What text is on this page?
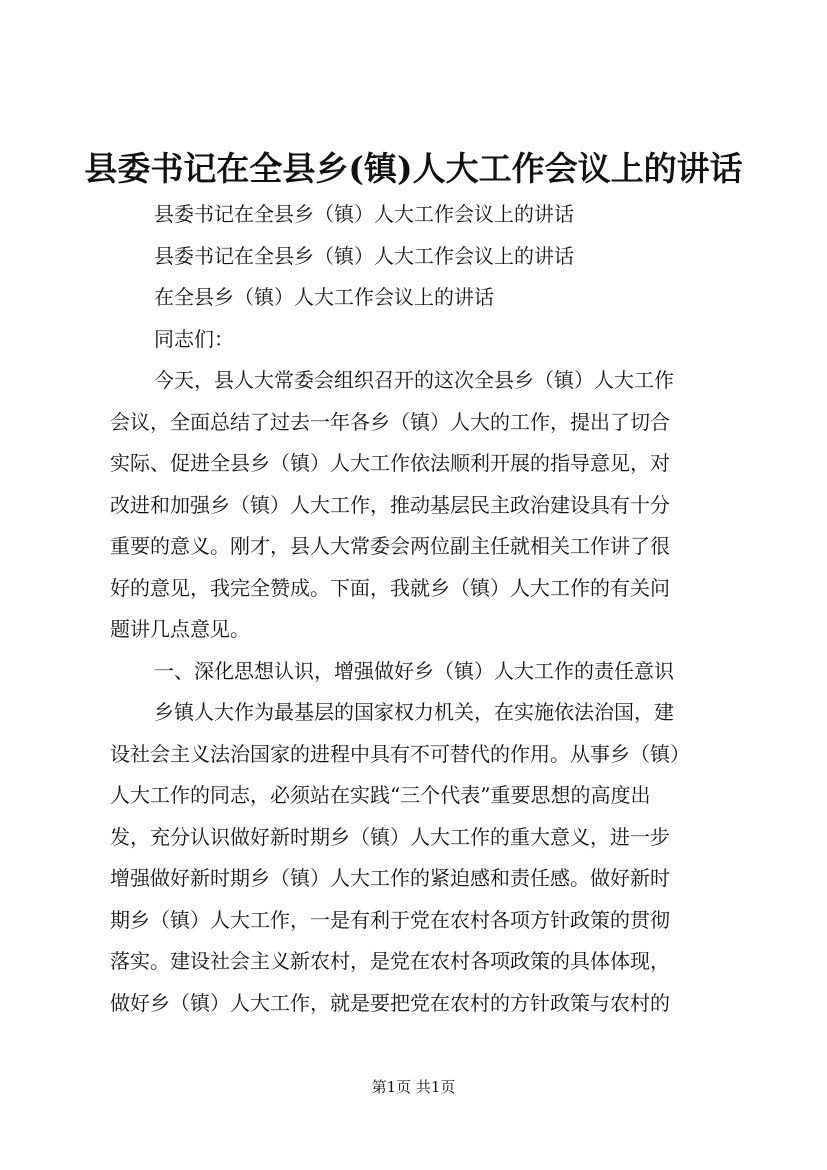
县委书记在全县乡(镇)人大工作会议上的讲话
县委书记在全县乡（镇）人大工作会议上的讲话
县委书记在全县乡（镇）人大工作会议上的讲话
在全县乡（镇）人大工作会议上的讲话
同志们：
今天，县人大常委会组织召开的这次全县乡（镇）人大工作
会议，全面总结了过去一年各乡（镇）人大的工作，提出了切合
实际、促进全县乡（镇）人大工作依法顺利开展的指导意见，对
改进和加强乡（镇）人大工作，推动基层民主政治建设具有十分
重要的意义。刚才，县人大常委会两位副主任就相关工作讲了很
好的意见，我完全赞成。下面，我就乡（镇）人大工作的有关问
题讲几点意见。
一、深化思想认识，增强做好乡（镇）人大工作的责任意识
乡镇人大作为最基层的国家权力机关，在实施依法治国，建
设社会主义法治国家的进程中具有不可替代的作用。从事乡（镇）
人大工作的同志，必须站在实践“三个代表”重要思想的高度出
发，充分认识做好新时期乡（镇）人大工作的重大意义，进一步
增强做好新时期乡（镇）人大工作的紧迫感和责任感。做好新时
期乡（镇）人大工作，一是有利于党在农村各项方针政策的贯彻
落实。建设社会主义新农村，是党在农村各项政策的具体体现，
做好乡（镇）人大工作，就是要把党在农村的方针政策与农村的
第1页 共1页
